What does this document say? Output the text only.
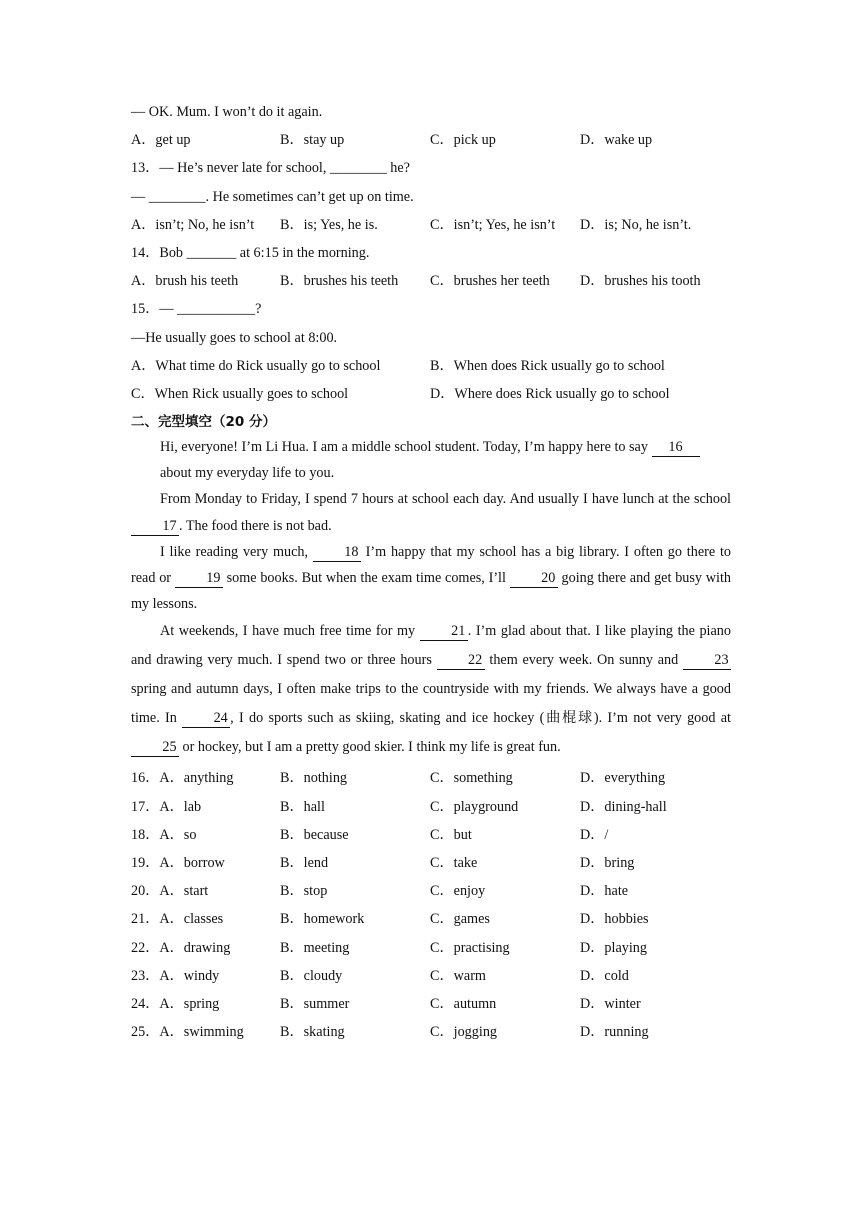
— OK. Mum. I won’t do it again.
A．get up	B．stay up	C．pick up	D．wake up
13．— He’s never late for school, ________ he?
— ________. He sometimes can’t get up on time.
A．isn’t; No, he isn’t B．is; Yes, he is.	C．isn’t; Yes, he isn’t D．is; No, he isn’t.
14．Bob _______ at 6:15 in the morning.
A．brush his teeth	B．brushes his teeth C．brushes her teeth D．brushes his tooth
15．— ___________?
—He usually goes to school at 8:00.
A．What time do Rick usually go to school	B．When does Rick usually go to school
C．When Rick usually goes to school	D．Where does Rick usually go to school
二、完型填空（20 分）

Hi, everyone! I’m Li Hua. I am a middle school student. Today, I’m happy here to say 16
about my everyday life to you.

From Monday to Friday, I spend 7 hours at school each day. And usually I have lunch at the school 17 . The food there is not bad.

I like reading very much, 18 I’m happy that my school has a big library. I often go there to read or 19 some books. But when the exam time comes, I’ll 20 going there and get busy with my lessons.

At weekends, I have much free time for my 21 . I’m glad about that. I like playing the piano and drawing very much. I spend two or three hours 22 them every week. On sunny and 23 spring and autumn days, I often make trips to the countryside with my friends. We always have a good time. In 24 , I do sports such as skiing, skating and ice hockey (曲棍球). I’m not very good at 25 or hockey, but I am a pretty good skier. I think my life is great fun.

16．A．anything	B．nothing	C．something	D．everything
17．A．lab	B．hall	C．playground	D．dining-hall
18．A．so	B．because	C．but	D．/
19．A．borrow	B．lend	C．take	D．bring
20．A．start	B．stop	C．enjoy	D．hate
21．A．classes	B．homework	C．games	D．hobbies
22．A．drawing	B．meeting	C．practising	D．playing
23．A．windy	B．cloudy	C．warm	D．cold
24．A．spring	B．summer	C．autumn	D．winter
25．A．swimming	B．skating	C．jogging	D．running
